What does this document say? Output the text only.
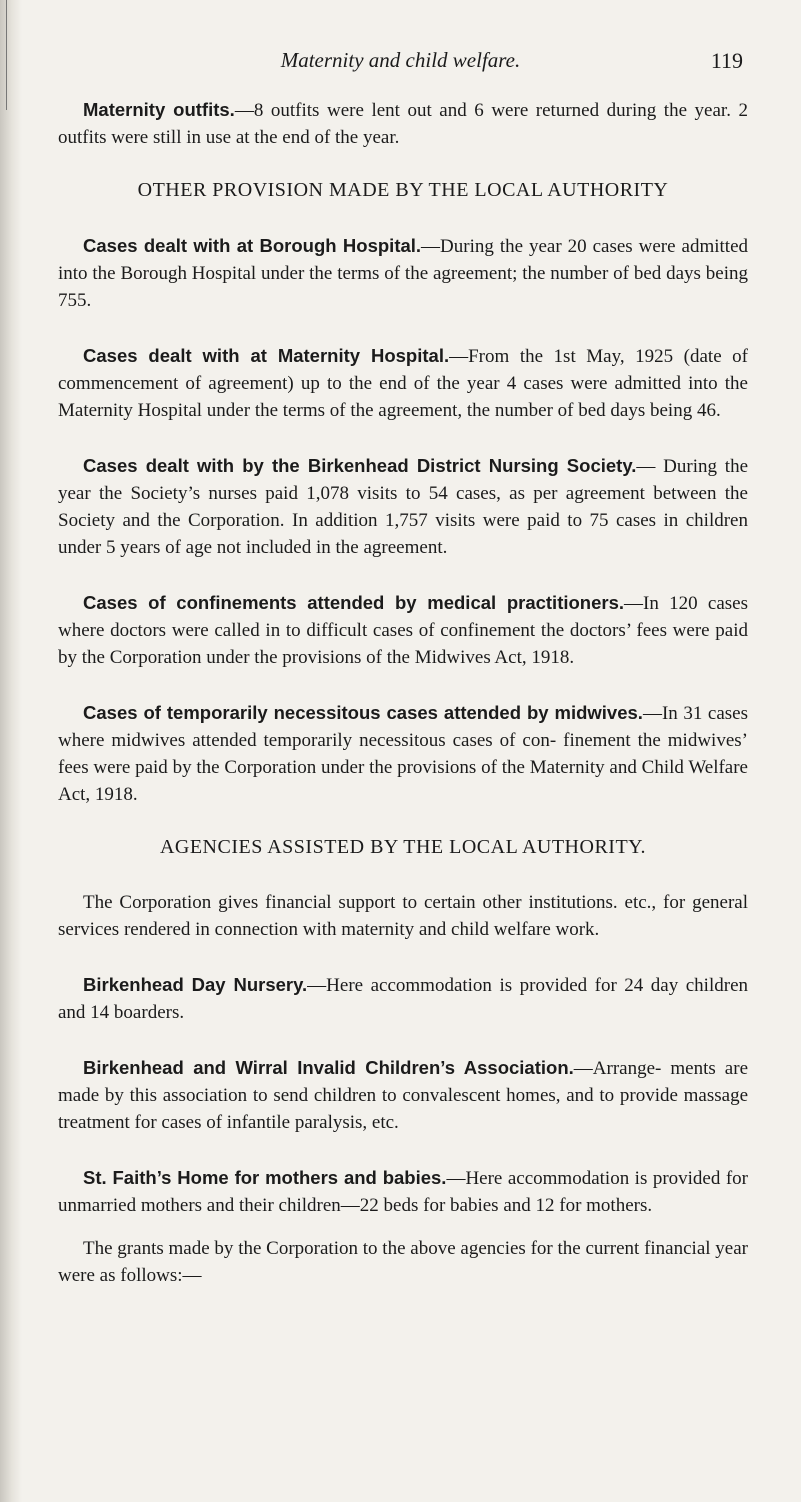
Maternity and child welfare.	119

Maternity outfits.—8 outfits were lent out and 6 were returned during the year. 2 outfits were still in use at the end of the year.

OTHER PROVISION MADE BY THE LOCAL AUTHORITY

Cases dealt with at Borough Hospital.—During the year 20 cases were admitted into the Borough Hospital under the terms of the agreement; the number of bed days being 755.

Cases dealt with at Maternity Hospital.—From the 1st May, 1925 (date of commencement of agreement) up to the end of the year 4 cases were admitted into the Maternity Hospital under the terms of the agreement, the number of bed days being 46.

Cases dealt with by the Birkenhead District Nursing Society.— During the year the Society’s nurses paid 1,078 visits to 54 cases, as per agreement between the Society and the Corporation. In addition 1,757 visits were paid to 75 cases in children under 5 years of age not included in the agreement.

Cases of confinements attended by medical practitioners.—In 120 cases where doctors were called in to difficult cases of confinement the doctors’ fees were paid by the Corporation under the provisions of the Midwives Act, 1918.

Cases of temporarily necessitous cases attended by midwives.—In 31 cases where midwives attended temporarily necessitous cases of con- finement the midwives’ fees were paid by the Corporation under the provisions of the Maternity and Child Welfare Act, 1918.

AGENCIES ASSISTED BY THE LOCAL AUTHORITY.

The Corporation gives financial support to certain other institutions. etc., for general services rendered in connection with maternity and child welfare work.

Birkenhead Day Nursery.—Here accommodation is provided for 24 day children and 14 boarders.

Birkenhead and Wirral Invalid Children’s Association.—Arrange- ments are made by this association to send children to convalescent homes, and to provide massage treatment for cases of infantile paralysis, etc.

St. Faith’s Home for mothers and babies.—Here accommodation is provided for unmarried mothers and their children—22 beds for babies and 12 for mothers.

The grants made by the Corporation to the above agencies for the current financial year were as follows:—
